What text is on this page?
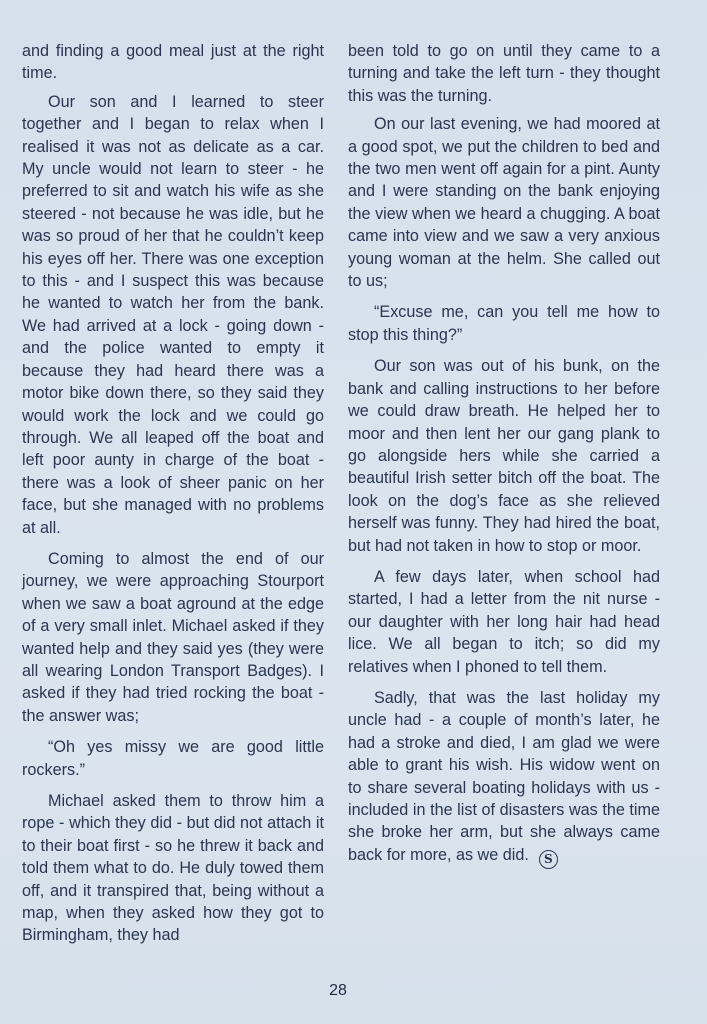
and finding a good meal just at the right time.

Our son and I learned to steer together and I began to relax when I realised it was not as delicate as a car. My uncle would not learn to steer - he preferred to sit and watch his wife as she steered - not because he was idle, but he was so proud of her that he couldn’t keep his eyes off her. There was one exception to this - and I suspect this was because he wanted to watch her from the bank. We had arrived at a lock - going down - and the police wanted to empty it because they had heard there was a motor bike down there, so they said they would work the lock and we could go through. We all leaped off the boat and left poor aunty in charge of the boat - there was a look of sheer panic on her face, but she managed with no problems at all.

Coming to almost the end of our journey, we were approaching Stourport when we saw a boat aground at the edge of a very small inlet. Michael asked if they wanted help and they said yes (they were all wearing London Transport Badges). I asked if they had tried rocking the boat - the answer was;

“Oh yes missy we are good little rockers.”

Michael asked them to throw him a rope - which they did - but did not attach it to their boat first - so he threw it back and told them what to do. He duly towed them off, and it transpired that, being without a map, when they asked how they got to Birmingham, they had

been told to go on until they came to a turning and take the left turn - they thought this was the turning.

On our last evening, we had moored at a good spot, we put the children to bed and the two men went off again for a pint. Aunty and I were standing on the bank enjoying the view when we heard a chugging. A boat came into view and we saw a very anxious young woman at the helm. She called out to us;

“Excuse me, can you tell me how to stop this thing?”

Our son was out of his bunk, on the bank and calling instructions to her before we could draw breath. He helped her to moor and then lent her our gang plank to go alongside hers while she carried a beautiful Irish setter bitch off the boat. The look on the dog’s face as she relieved herself was funny. They had hired the boat, but had not taken in how to stop or moor.

A few days later, when school had started, I had a letter from the nit nurse - our daughter with her long hair had head lice. We all began to itch; so did my relatives when I phoned to tell them.

Sadly, that was the last holiday my uncle had - a couple of month’s later, he had a stroke and died, I am glad we were able to grant his wish. His widow went on to share several boating holidays with us - included in the list of disasters was the time she broke her arm, but she always came back for more, as we did. S

28
